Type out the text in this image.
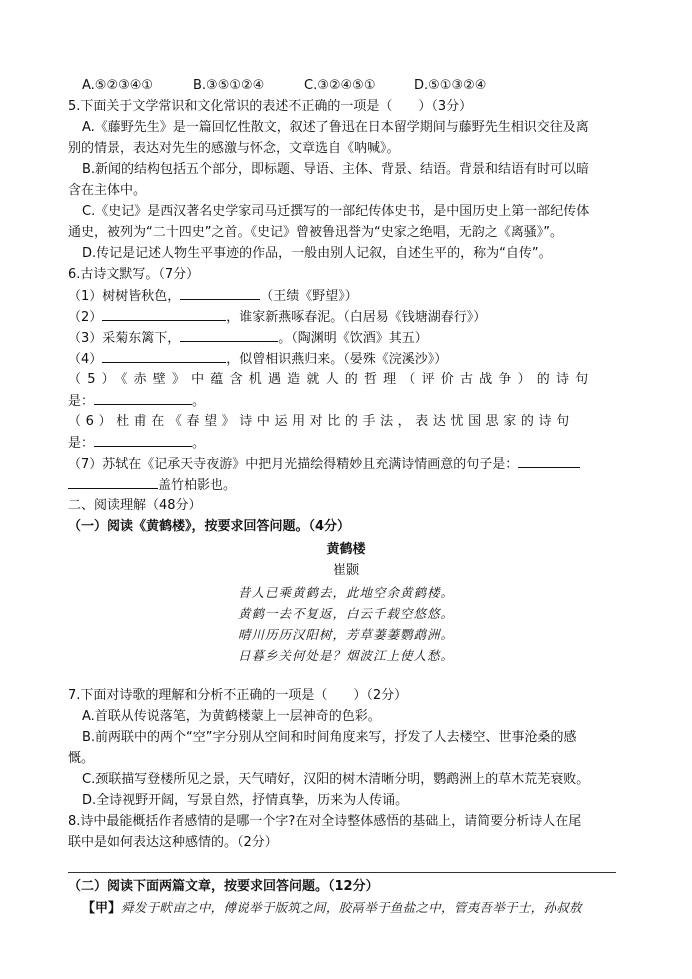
A.⑤②③④①	B.③⑤①②④	C.③②④⑤①	D.⑤①③②④
5.下面关于文学常识和文化常识的表述不正确的一项是（　　）（3分）
A.《藤野先生》是一篇回忆性散文，叙述了鲁迅在日本留学期间与藤野先生相识交往及离
别的情景，表达对先生的感激与怀念，文章选自《呐喊》。
B.新闻的结构包括五个部分，即标题、导语、主体、背景、结语。背景和结语有时可以暗
含在主体中。
C.《史记》是西汉著名史学家司马迁撰写的一部纪传体史书，是中国历史上第一部纪传体
通史，被列为“二十四史”之首。《史记》曾被鲁迅誉为“史家之绝唱，无韵之《离骚》”。
D.传记是记述人物生平事迹的作品，一般由别人记叙，自述生平的，称为“自传”。
6.古诗文默写。（7分）
（1）树树皆秋色，	（王绩《野望》）
（2）	，谁家新燕啄春泥。（白居易《钱塘湖春行》）
（3）采菊东篱下，	。（陶渊明《饮酒》其五）
（4）	，似曾相识燕归来。（晏殊《浣溪沙》）
（5）《赤壁》中蕴含机遇造就人的哲理（评价古战争）的诗句
是：	。
（6）杜甫在《春望》诗中运用对比的手法，表达忧国思家的诗句
是：	。
（7）苏轼在《记承天寺夜游》中把月光描绘得精妙且充满诗情画意的句子是：
盖竹柏影也。
二、阅读理解（48分）
（一）阅读《黄鹤楼》，按要求回答问题。（4分）
黄鹤楼
崔颢
昔人已乘黄鹤去，此地空余黄鹤楼。
黄鹤一去不复返，白云千载空悠悠。
晴川历历汉阳树，芳草萋萋鹦鹉洲。
日暮乡关何处是？烟波江上使人愁。
7.下面对诗歌的理解和分析不正确的一项是（　　）（2分）
A.首联从传说落笔，为黄鹤楼蒙上一层神奇的色彩。
B.前两联中的两个“空”字分别从空间和时间角度来写，抒发了人去楼空、世事沧桑的感
慨。
C.颈联描写登楼所见之景，天气晴好，汉阳的树木清晰分明，鹦鹉洲上的草木荒芜衰败。
D.全诗视野开阔，写景自然，抒情真挚，历来为人传诵。
8.诗中最能概括作者感情的是哪一个字?在对全诗整体感悟的基础上，请简要分析诗人在尾
联中是如何表达这种感情的。（2分）
（二）阅读下面两篇文章，按要求回答问题。（12分）
【甲】舜发于畎亩之中，傅说举于版筑之间，胶鬲举于鱼盐之中，管夷吾举于士，孙叔敖
